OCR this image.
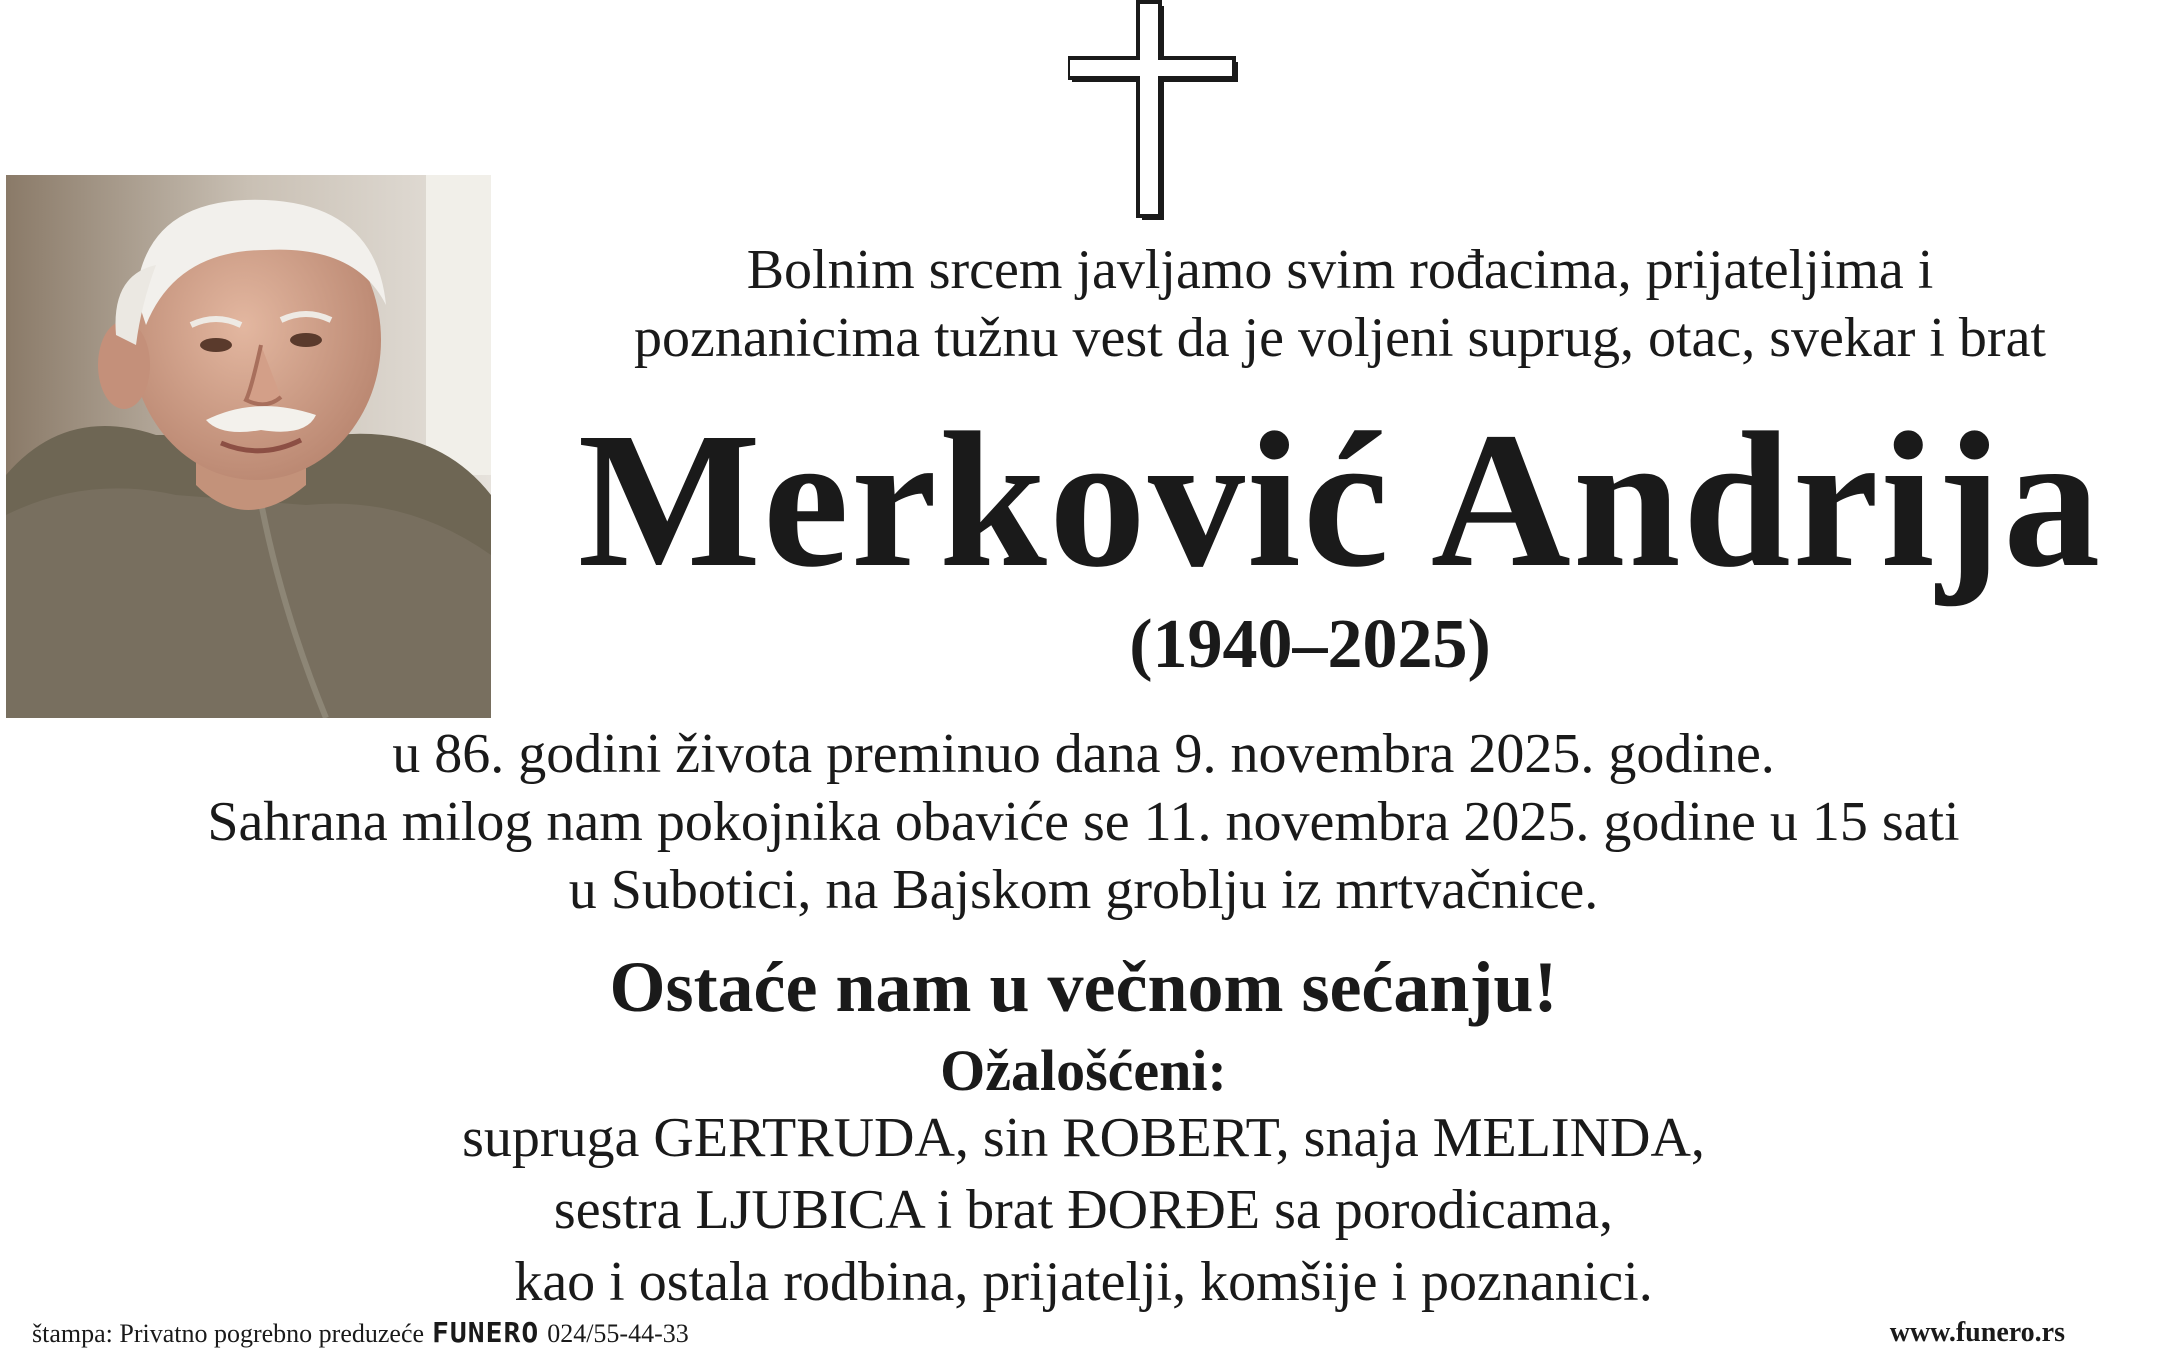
Bolnim srcem javljamo svim rođacima, prijateljima i
poznanicima tužnu vest da je voljeni suprug, otac, svekar i brat
Merković Andrija
(1940–2025)
u 86. godini života preminuo dana 9. novembra 2025. godine.
Sahrana milog nam pokojnika obaviće se 11. novembra 2025. godine u 15 sati
u Subotici, na Bajskom groblju iz mrtvačnice.
Ostaće nam u večnom sećanju!
Ožalošćeni:
supruga GERTRUDA, sin ROBERT, snaja MELINDA,
sestra LJUBICA i brat ĐORĐE sa porodicama,
kao i ostala rodbina, prijatelji, komšije i poznanici.
štampa: Privatno pogrebno preduzeće FUNERO 024/55-44-33	www.funero.rs
